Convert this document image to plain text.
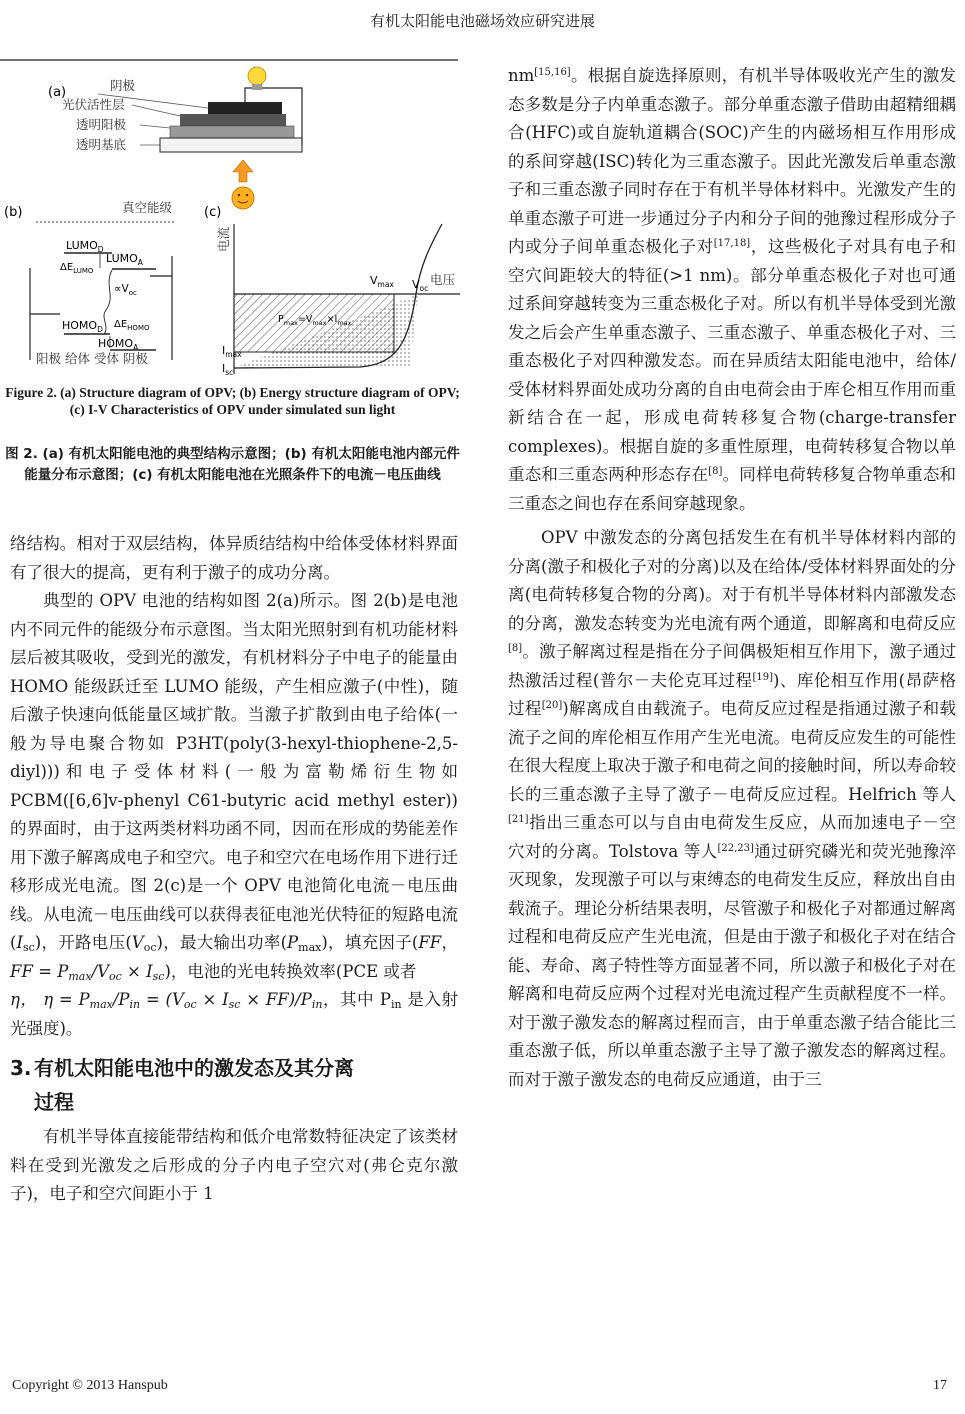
有机太阳能电池磁场效应研究进展
(a)	阴极
光伏活性层
透明阳极
透明基底
(b)	真空能级
$LUMO_D$
$LUMO_A$
$\Delta E_{LUMO}$
$\propto V_{oc}$
$\Delta E_{HOMO}$
$HOMO_D$
$HOMO_A$
阳极 给体 受体 阴极
(c)
电流
电压
$V_{max}$ $V_{oc}$
$P_{max}=V_{max}\times I_{max}$
$I_{max}$
$I_{sc}$
Figure 2. (a) Structure diagram of OPV; (b) Energy structure diagram of OPV; (c) I-V Characteristics of OPV under simulated sun light
图 2. (a) 有机太阳能电池的典型结构示意图；(b) 有机太阳能电池内部元件能量分布示意图；(c) 有机太阳能电池在光照条件下的电流－电压曲线

络结构。相对于双层结构，体异质结结构中给体受体材料界面有了很大的提高，更有利于激子的成功分离。

典型的 OPV 电池的结构如图 2(a)所示。图 2(b)是电池内不同元件的能级分布示意图。当太阳光照射到有机功能材料层后被其吸收，受到光的激发，有机材料分子中电子的能量由 HOMO 能级跃迁至 LUMO 能级，产生相应激子(中性)，随后激子快速向低能量区域扩散。当激子扩散到由电子给体(一般为导电聚合物如 P3HT(poly(3-hexyl-thiophene-2,5-diyl)))和电子受体材料(一般为富勒烯衍生物如 PCBM([6,6]v-phenyl C61-butyric acid methyl ester))的界面时，由于这两类材料功函不同，因而在形成的势能差作用下激子解离成电子和空穴。电子和空穴在电场作用下进行迁移形成光电流。图 2(c)是一个 OPV 电池简化电流－电压曲线。从电流－电压曲线可以获得表征电池光伏特征的短路电流$(I_{sc})$，开路电压$(V_{oc})$，最大输出功率$(P_{max})$，填充因子(FF，FF = $P_{max}/V_{oc} \times I_{sc}$)，电池的光电转换效率(PCE 或者
η， $\eta = P_{max}/P_{in} = (V_{oc} \times I_{sc} \times FF)/P_{in}$，其中 $P_{in}$ 是入射光强度)。

3. 有机太阳能电池中的激发态及其分离
过程

有机半导体直接能带结构和低介电常数特征决定了该类材料在受到光激发之后形成的分子内电子空穴对(弗仑克尔激子)，电子和空穴间距小于 1

nm[15,16]。根据自旋选择原则，有机半导体吸收光产生的激发态多数是分子内单重态激子。部分单重态激子借助由超精细耦合(HFC)或自旋轨道耦合(SOC)产生的内磁场相互作用形成的系间穿越(ISC)转化为三重态激子。因此光激发后单重态激子和三重态激子同时存在于有机半导体材料中。光激发产生的单重态激子可进一步通过分子内和分子间的弛豫过程形成分子内或分子间单重态极化子对[17,18]，这些极化子对具有电子和空穴间距较大的特征(>1 nm)。部分单重态极化子对也可通过系间穿越转变为三重态极化子对。所以有机半导体受到光激发之后会产生单重态激子、三重态激子、单重态极化子对、三重态极化子对四种激发态。而在异质结太阳能电池中，给体/受体材料界面处成功分离的自由电荷会由于库仑相互作用而重新结合在一起，形成电荷转移复合物(charge-transfer complexes)。根据自旋的多重性原理，电荷转移复合物以单重态和三重态两种形态存在[8]。同样电荷转移复合物单重态和三重态之间也存在系间穿越现象。

OPV 中激发态的分离包括发生在有机半导体材料内部的分离(激子和极化子对的分离)以及在给体/受体材料界面处的分离(电荷转移复合物的分离)。对于有机半导体材料内部激发态的分离，激发态转变为光电流有两个通道，即解离和电荷反应[8]。激子解离过程是指在分子间偶极矩相互作用下，激子通过热激活过程(普尔－夫伦克耳过程[19])、库伦相互作用(昂萨格过程[20])解离成自由载流子。电荷反应过程是指通过激子和载流子之间的库伦相互作用产生光电流。电荷反应发生的可能性在很大程度上取决于激子和电荷之间的接触时间，所以寿命较长的三重态激子主导了激子－电荷反应过程。Helfrich 等人[21]指出三重态可以与自由电荷发生反应，从而加速电子－空穴对的分离。Tolstova 等人[22,23]通过研究磷光和荧光弛豫淬灭现象，发现激子可以与束缚态的电荷发生反应，释放出自由载流子。理论分析结果表明，尽管激子和极化子对都通过解离过程和电荷反应产生光电流，但是由于激子和极化子对在结合能、寿命、离子特性等方面显著不同，所以激子和极化子对在解离和电荷反应两个过程对光电流过程产生贡献程度不一样。对于激子激发态的解离过程而言，由于单重态激子结合能比三重态激子低，所以单重态激子主导了激子激发态的解离过程。而对于激子激发态的电荷反应通道，由于三

Copyright © 2013 Hanspub	17
